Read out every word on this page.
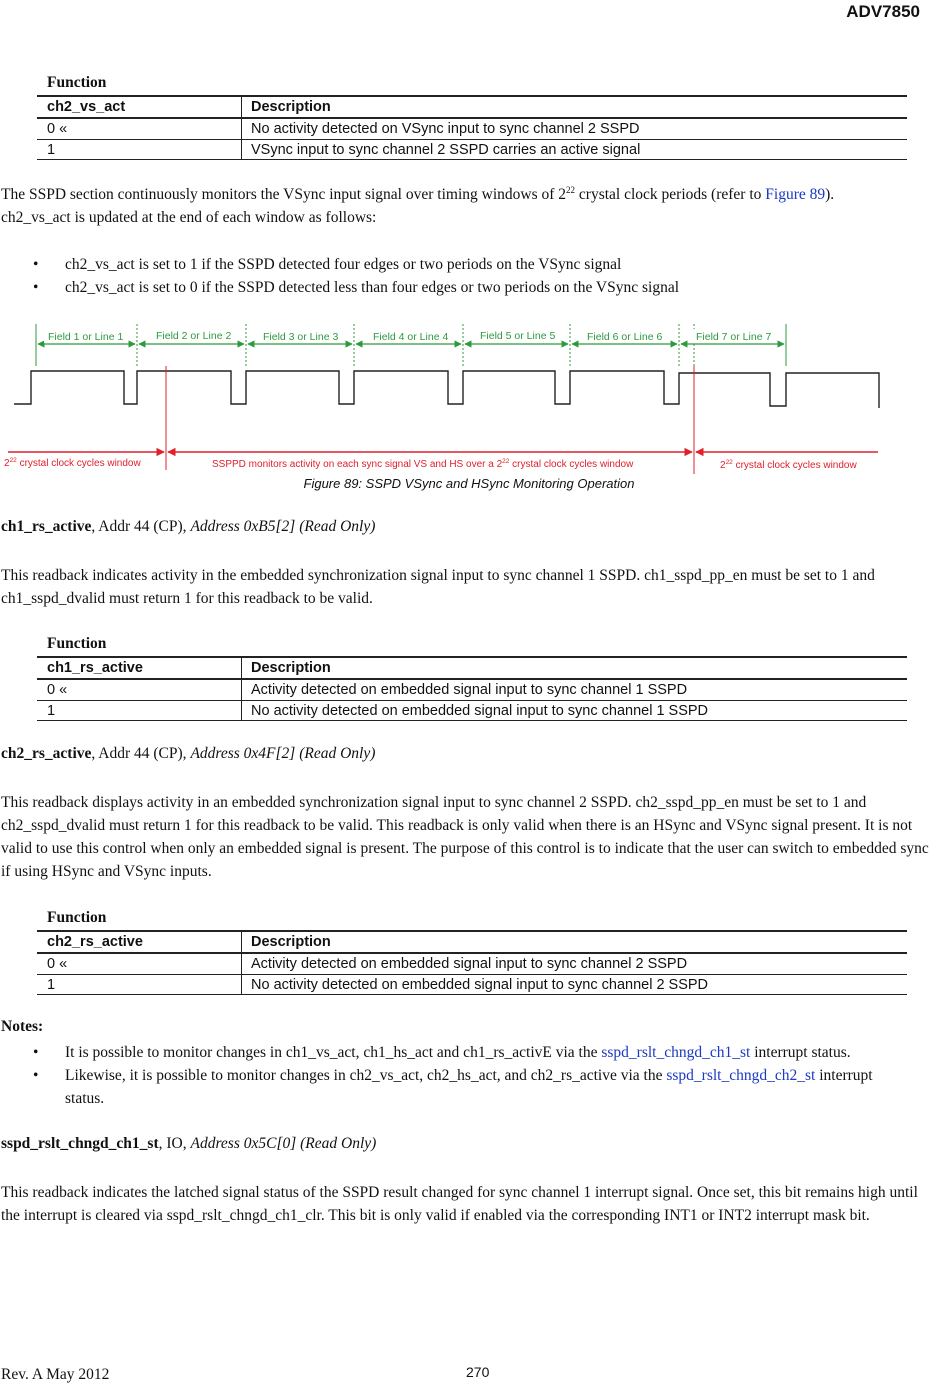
ADV7850
Function
ch2_vs_act	Description
0 «	No activity detected on VSync input to sync channel 2 SSPD
1	VSync input to sync channel 2 SSPD carries an active signal
The SSPD section continuously monitors the VSync input signal over timing windows of $2^{22}$ crystal clock periods (refer to Figure 89).
ch2_vs_act is updated at the end of each window as follows:
• ch2_vs_act is set to 1 if the SSPD detected four edges or two periods on the VSync signal
• ch2_vs_act is set to 0 if the SSPD detected less than four edges or two periods on the VSync signal
Field 1 or Line 1	Field 2 or Line 2	Field 3 or Line 3	Field 4 or Line 4	Field 5 or Line 5	Field 6 or Line 6	Field 7 or Line 7
$2^{22}$ crystal clock cycles window	SSPPD monitors activity on each sync signal VS and HS over a $2^{22}$ crystal clock cycles window	$2^{22}$ crystal clock cycles window
Figure 89: SSPD VSync and HSync Monitoring Operation
ch1_rs_active, Addr 44 (CP), Address 0xB5[2] (Read Only)
This readback indicates activity in the embedded synchronization signal input to sync channel 1 SSPD. ch1_sspd_pp_en must be set to 1 and ch1_sspd_dvalid must return 1 for this readback to be valid.
Function
ch1_rs_active	Description
0 «	Activity detected on embedded signal input to sync channel 1 SSPD
1	No activity detected on embedded signal input to sync channel 1 SSPD
ch2_rs_active, Addr 44 (CP), Address 0x4F[2] (Read Only)
This readback displays activity in an embedded synchronization signal input to sync channel 2 SSPD. ch2_sspd_pp_en must be set to 1 and ch2_sspd_dvalid must return 1 for this readback to be valid. This readback is only valid when there is an HSync and VSync signal present. It is not valid to use this control when only an embedded signal is present. The purpose of this control is to indicate that the user can switch to embedded sync if using HSync and VSync inputs.
Function
ch2_rs_active	Description
0 «	Activity detected on embedded signal input to sync channel 2 SSPD
1	No activity detected on embedded signal input to sync channel 2 SSPD
Notes:
• It is possible to monitor changes in ch1_vs_act, ch1_hs_act and ch1_rs_activE via the sspd_rslt_chngd_ch1_st interrupt status.
• Likewise, it is possible to monitor changes in ch2_vs_act, ch2_hs_act, and ch2_rs_active via the sspd_rslt_chngd_ch2_st interrupt status.
sspd_rslt_chngd_ch1_st, IO, Address 0x5C[0] (Read Only)
This readback indicates the latched signal status of the SSPD result changed for sync channel 1 interrupt signal. Once set, this bit remains high until the interrupt is cleared via sspd_rslt_chngd_ch1_clr. This bit is only valid if enabled via the corresponding INT1 or INT2 interrupt mask bit.
Rev. A May 2012	270
